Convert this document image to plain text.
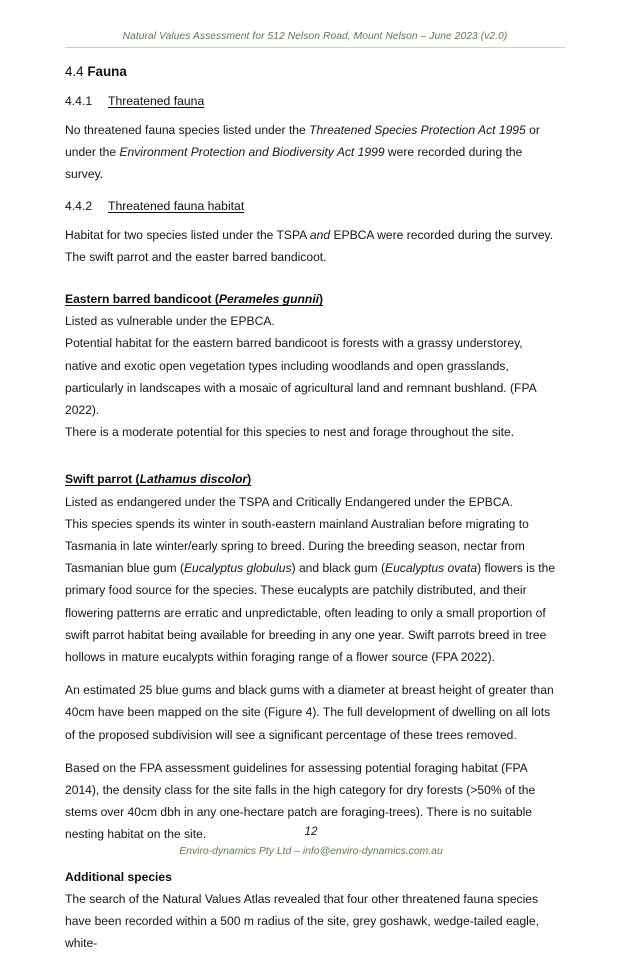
Natural Values Assessment for 512 Nelson Road, Mount Nelson – June 2023 (v2.0)
4.4 Fauna
4.4.1 Threatened fauna

No threatened fauna species listed under the Threatened Species Protection Act 1995 or under the Environment Protection and Biodiversity Act 1999 were recorded during the survey.

4.4.2 Threatened fauna habitat

Habitat for two species listed under the TSPA and EPBCA were recorded during the survey. The swift parrot and the easter barred bandicoot.

Eastern barred bandicoot (Perameles gunnii)

Listed as vulnerable under the EPBCA.

Potential habitat for the eastern barred bandicoot is forests with a grassy understorey, native and exotic open vegetation types including woodlands and open grasslands, particularly in landscapes with a mosaic of agricultural land and remnant bushland. (FPA 2022).

There is a moderate potential for this species to nest and forage throughout the site.

Swift parrot (Lathamus discolor)

Listed as endangered under the TSPA and Critically Endangered under the EPBCA.

This species spends its winter in south-eastern mainland Australian before migrating to Tasmania in late winter/early spring to breed. During the breeding season, nectar from Tasmanian blue gum (Eucalyptus globulus) and black gum (Eucalyptus ovata) flowers is the primary food source for the species. These eucalypts are patchily distributed, and their flowering patterns are erratic and unpredictable, often leading to only a small proportion of swift parrot habitat being available for breeding in any one year. Swift parrots breed in tree hollows in mature eucalypts within foraging range of a flower source (FPA 2022).

An estimated 25 blue gums and black gums with a diameter at breast height of greater than 40cm have been mapped on the site (Figure 4). The full development of dwelling on all lots of the proposed subdivision will see a significant percentage of these trees removed.

Based on the FPA assessment guidelines for assessing potential foraging habitat (FPA 2014), the density class for the site falls in the high category for dry forests (>50% of the stems over 40cm dbh in any one-hectare patch are foraging-trees). There is no suitable nesting habitat on the site.

Additional species

The search of the Natural Values Atlas revealed that four other threatened fauna species have been recorded within a 500 m radius of the site, grey goshawk, wedge-tailed eagle, white-

12
Enviro-dynamics Pty Ltd – info@enviro-dynamics.com.au
